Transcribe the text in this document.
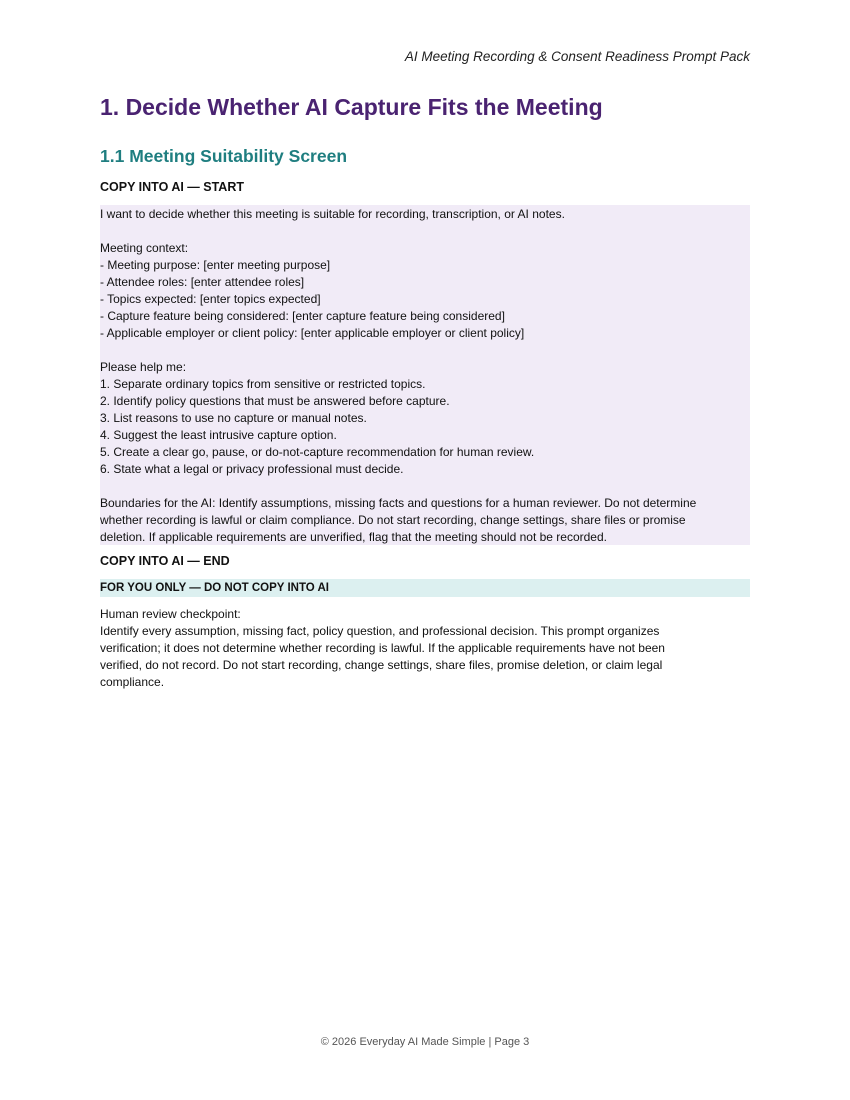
AI Meeting Recording & Consent Readiness Prompt Pack
1. Decide Whether AI Capture Fits the Meeting
1.1 Meeting Suitability Screen
COPY INTO AI — START
I want to decide whether this meeting is suitable for recording, transcription, or AI notes.
Meeting context:
- Meeting purpose: [enter meeting purpose]
- Attendee roles: [enter attendee roles]
- Topics expected: [enter topics expected]
- Capture feature being considered: [enter capture feature being considered]
- Applicable employer or client policy: [enter applicable employer or client policy]
Please help me:
1. Separate ordinary topics from sensitive or restricted topics.
2. Identify policy questions that must be answered before capture.
3. List reasons to use no capture or manual notes.
4. Suggest the least intrusive capture option.
5. Create a clear go, pause, or do-not-capture recommendation for human review.
6. State what a legal or privacy professional must decide.
Boundaries for the AI: Identify assumptions, missing facts and questions for a human reviewer. Do not determine
whether recording is lawful or claim compliance. Do not start recording, change settings, share files or promise
deletion. If applicable requirements are unverified, flag that the meeting should not be recorded.
COPY INTO AI — END
FOR YOU ONLY — DO NOT COPY INTO AI
Human review checkpoint:
Identify every assumption, missing fact, policy question, and professional decision. This prompt organizes
verification; it does not determine whether recording is lawful. If the applicable requirements have not been
verified, do not record. Do not start recording, change settings, share files, promise deletion, or claim legal
compliance.
© 2026 Everyday AI Made Simple | Page 3
